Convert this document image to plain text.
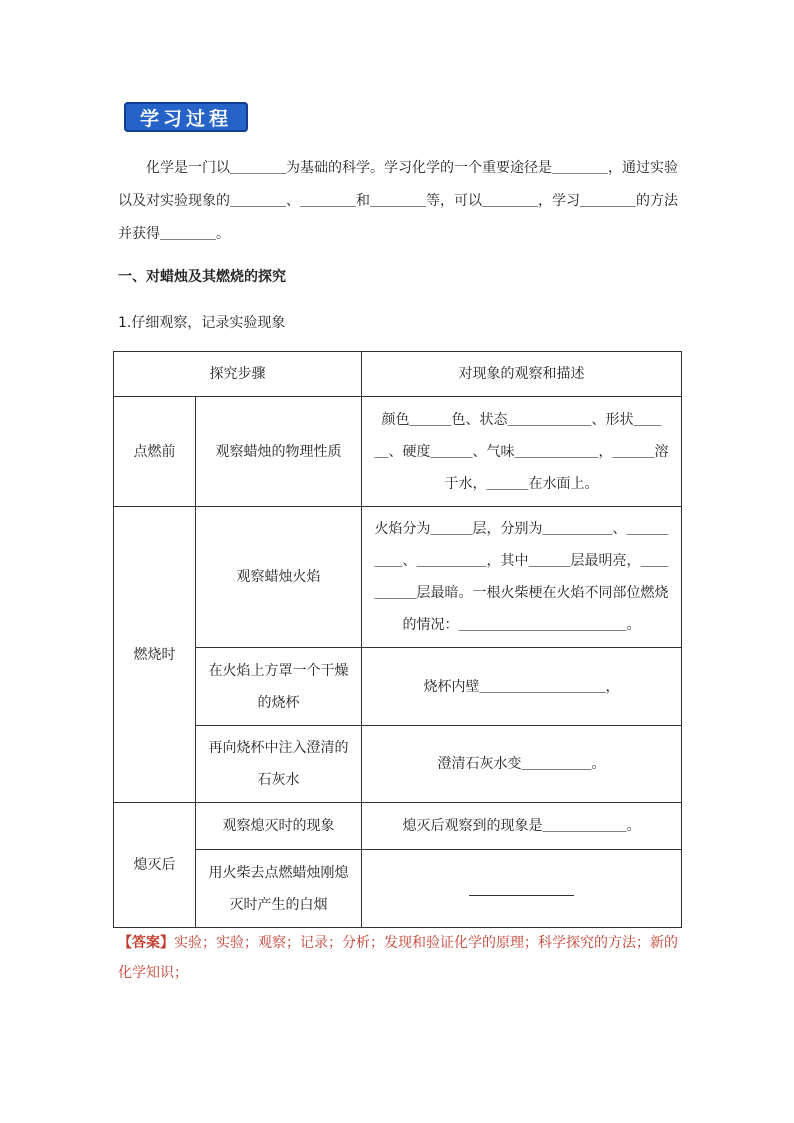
学习过程

化学是一门以＿＿＿＿为基础的科学。学习化学的一个重要途径是＿＿＿＿，通过实验以及对实验现象的＿＿＿＿、＿＿＿＿和＿＿＿＿等，可以＿＿＿＿，学习＿＿＿＿的方法并获得＿＿＿＿。

一、对蜡烛及其燃烧的探究
1.仔细观察，记录实验现象
探究步骤		对现象的观察和描述
点燃前	观察蜡烛的物理性质	颜色＿＿＿色、状态＿＿＿＿＿＿、形状＿＿＿、硬度＿＿＿、气味＿＿＿＿＿＿，＿＿＿溶于水，＿＿＿在水面上。
燃烧时	观察蜡烛火焰	火焰分为＿＿＿层，分别为＿＿＿＿＿、＿＿＿＿＿、＿＿＿＿＿，其中＿＿＿层最明亮，＿＿＿＿＿层最暗。一根火柴梗在火焰不同部位燃烧的情况：＿＿＿＿＿＿＿＿＿＿＿＿。
	在火焰上方罩一个干燥的烧杯	烧杯内壁＿＿＿＿＿＿＿＿＿，
	再向烧杯中注入澄清的石灰水	澄清石灰水变＿＿＿＿＿。
熄灭后	观察熄灭时的现象	熄灭后观察到的现象是＿＿＿＿＿＿。
	用火柴去点燃蜡烛刚熄灭时产生的白烟	

【答案】实验；实验；观察；记录；分析；发现和验证化学的原理；科学探究的方法；新的化学知识；
